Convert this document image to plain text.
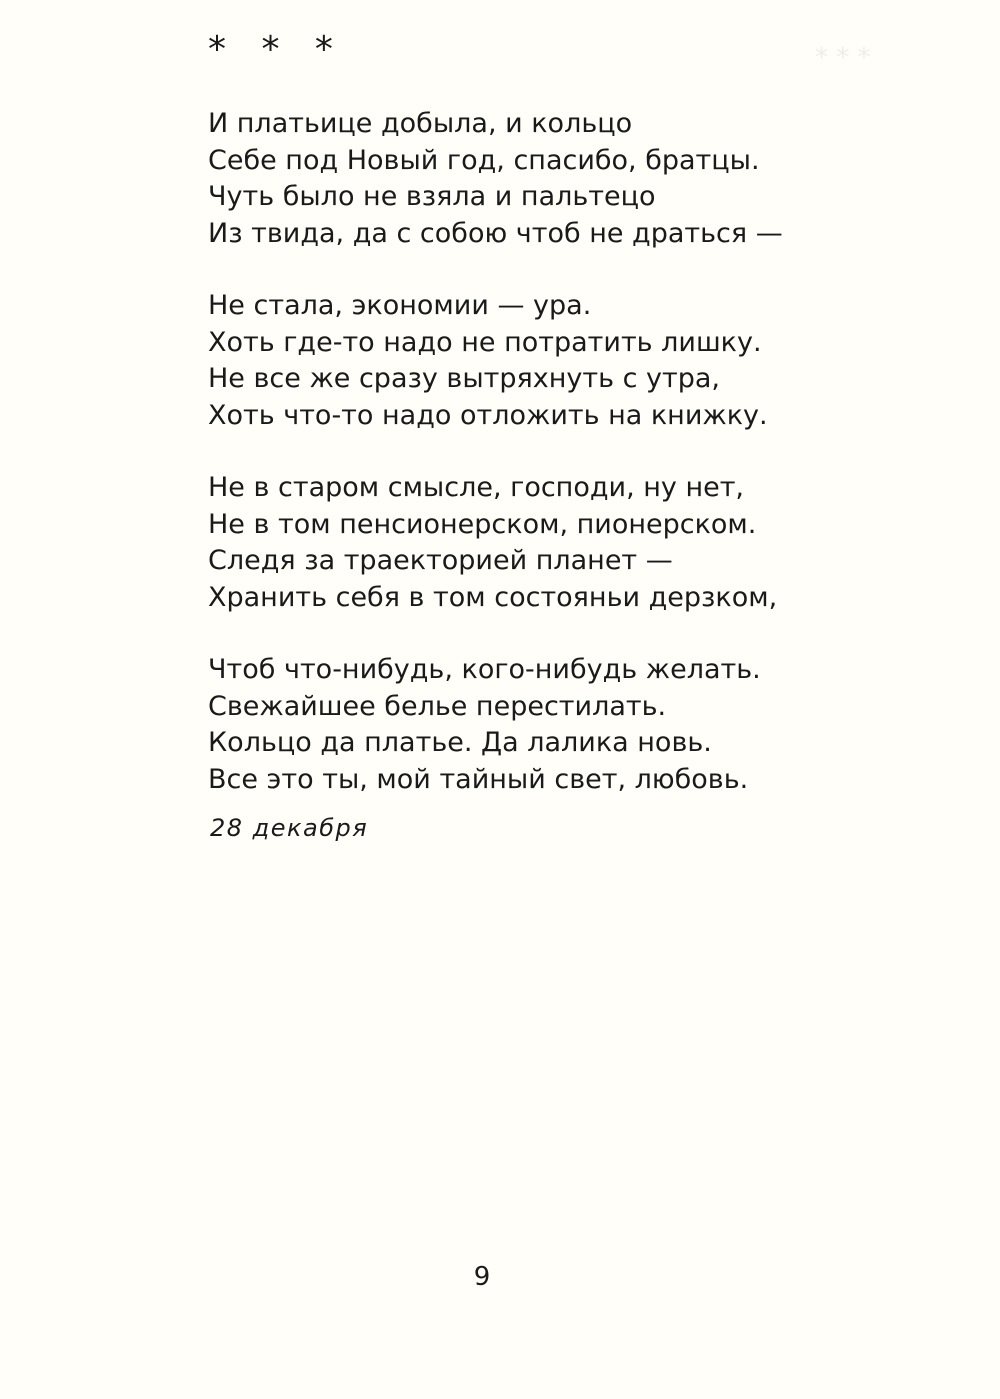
* * *

* * *

И платьице добыла, и кольцо
Себе под Новый год, спасибо, братцы.
Чуть было не взяла и пальтецо
Из твида, да с собою чтоб не драться —
Не стала, экономии — ура.
Хоть где-то надо не потратить лишку.
Не все же сразу вытряхнуть с утра,
Хоть что-то надо отложить на книжку.
Не в старом смысле, господи, ну нет,
Не в том пенсионерском, пионерском.
Следя за траекторией планет —
Хранить себя в том состояньи дерзком,
Чтоб что-нибудь, кого-нибудь желать.
Свежайшее белье перестилать.
Кольцо да платье. Да лалика новь.
Все это ты, мой тайный свет, любовь.

28 декабря

9
